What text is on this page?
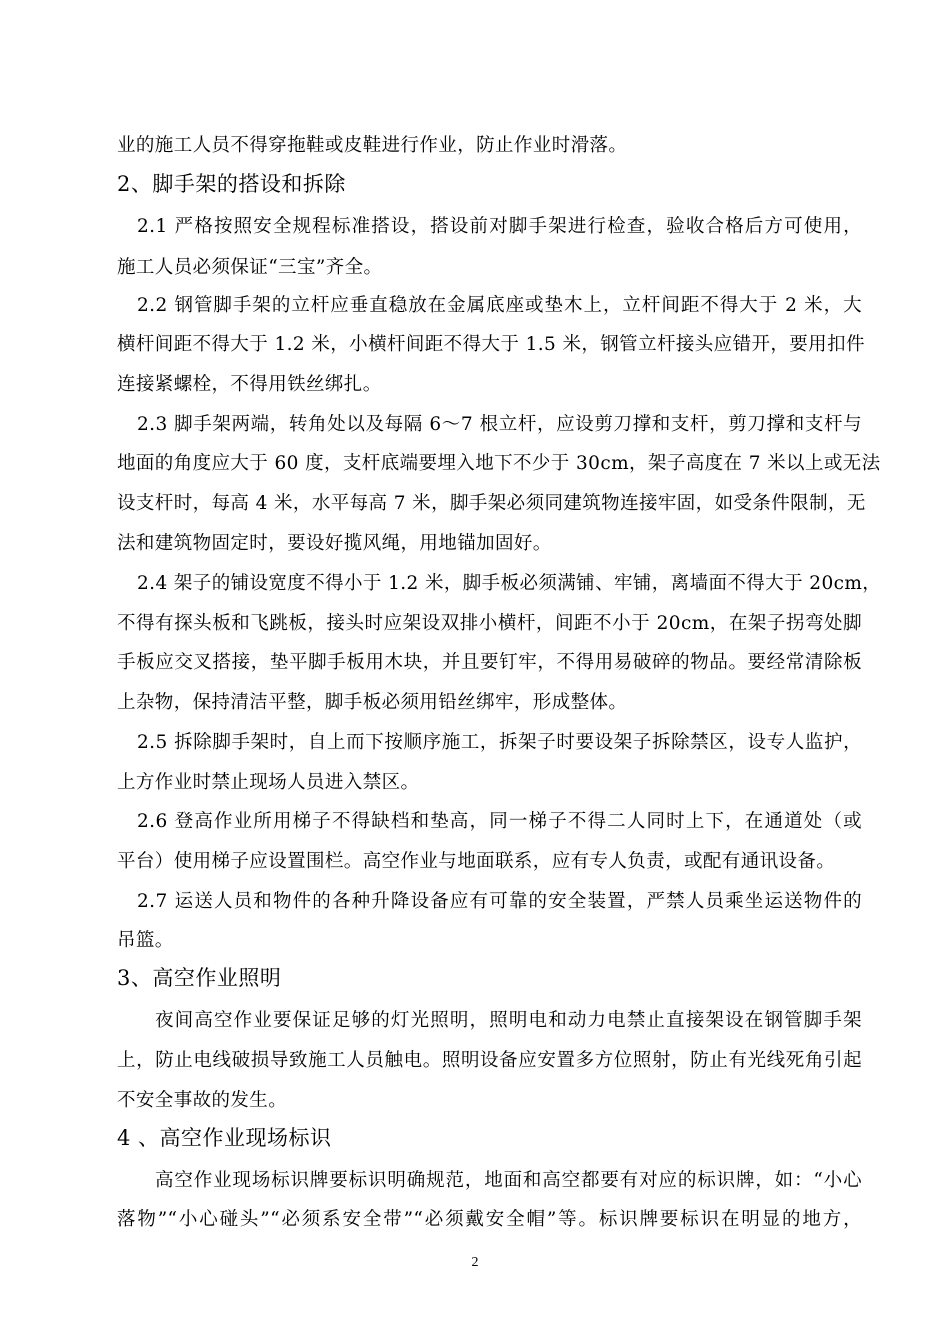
业的施工人员不得穿拖鞋或皮鞋进行作业，防止作业时滑落。
2、脚手架的搭设和拆除
2.1 严格按照安全规程标准搭设，搭设前对脚手架进行检查，验收合格后方可使用，
施工人员必须保证“三宝”齐全。
2.2 钢管脚手架的立杆应垂直稳放在金属底座或垫木上，立杆间距不得大于 2 米，大
横杆间距不得大于 1.2 米，小横杆间距不得大于 1.5 米，钢管立杆接头应错开，要用扣件
连接紧螺栓，不得用铁丝绑扎。
2.3 脚手架两端，转角处以及每隔 6～7 根立杆，应设剪刀撑和支杆，剪刀撑和支杆与
地面的角度应大于 60 度，支杆底端要埋入地下不少于 30cm，架子高度在 7 米以上或无法
设支杆时，每高 4 米，水平每高 7 米，脚手架必须同建筑物连接牢固，如受条件限制，无
法和建筑物固定时，要设好揽风绳，用地锚加固好。
2.4 架子的铺设宽度不得小于 1.2 米，脚手板必须满铺、牢铺，离墙面不得大于 20cm，
不得有探头板和飞跳板，接头时应架设双排小横杆，间距不小于 20cm，在架子拐弯处脚
手板应交叉搭接，垫平脚手板用木块，并且要钉牢，不得用易破碎的物品。要经常清除板
上杂物，保持清洁平整，脚手板必须用铅丝绑牢，形成整体。
2.5 拆除脚手架时，自上而下按顺序施工，拆架子时要设架子拆除禁区，设专人监护，
上方作业时禁止现场人员进入禁区。
2.6 登高作业所用梯子不得缺档和垫高，同一梯子不得二人同时上下，在通道处（或
平台）使用梯子应设置围栏。高空作业与地面联系，应有专人负责，或配有通讯设备。
2.7 运送人员和物件的各种升降设备应有可靠的安全装置，严禁人员乘坐运送物件的
吊篮。
3、高空作业照明
夜间高空作业要保证足够的灯光照明，照明电和动力电禁止直接架设在钢管脚手架
上，防止电线破损导致施工人员触电。照明设备应安置多方位照射，防止有光线死角引起
不安全事故的发生。
4 、高空作业现场标识
高空作业现场标识牌要标识明确规范，地面和高空都要有对应的标识牌，如：“小心
落物”“小心碰头”“必须系安全带”“必须戴安全帽”等。标识牌要标识在明显的地方，
2
